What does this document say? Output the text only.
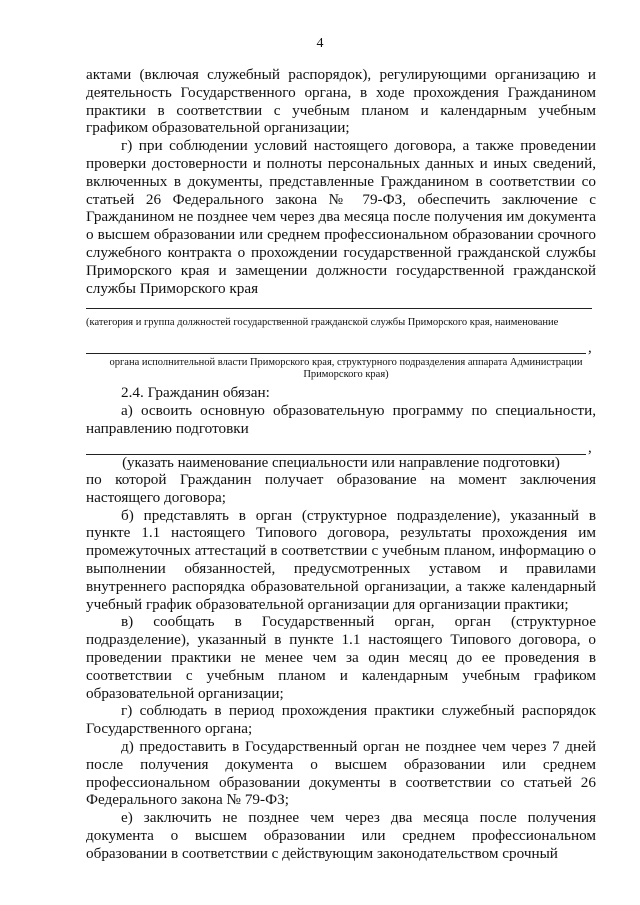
4

актами (включая служебный распорядок), регулирующими организацию и деятельность Государственного органа, в ходе прохождения Гражданином практики в соответствии с учебным планом и календарным учебным графиком образовательной организации;

г) при соблюдении условий настоящего договора, а также проведении проверки достоверности и полноты персональных данных и иных сведений, включенных в документы, представленные Гражданином в соответствии со статьей 26 Федерального закона № 79-ФЗ, обеспечить заключение с Гражданином не позднее чем через два месяца после получения им документа о высшем образовании или среднем профессиональном образовании срочного служебного контракта о прохождении государственной гражданской службы Приморского края и замещении должности государственной гражданской службы Приморского края

(категория и группа должностей государственной гражданской службы Приморского края, наименование
,
органа исполнительной власти Приморского края, структурного подразделения аппарата Администрации Приморского края)

2.4. Гражданин обязан:

а) освоить основную образовательную программу по специальности, направлению подготовки

,
(указать наименование специальности или направление подготовки)

по которой Гражданин получает образование на момент заключения настоящего договора;

б) представлять в орган (структурное подразделение), указанный в пункте 1.1 настоящего Типового договора, результаты прохождения им промежуточных аттестаций в соответствии с учебным планом, информацию о выполнении обязанностей, предусмотренных уставом и правилами внутреннего распорядка образовательной организации, а также календарный учебный график образовательной организации для организации практики;

в) сообщать в Государственный орган, орган (структурное подразделение), указанный в пункте 1.1 настоящего Типового договора, о проведении практики не менее чем за один месяц до ее проведения в соответствии с учебным планом и календарным учебным графиком образовательной организации;

г) соблюдать в период прохождения практики служебный распорядок Государственного органа;

д) предоставить в Государственный орган не позднее чем через 7 дней после получения документа о высшем образовании или среднем профессиональном образовании документы в соответствии со статьей 26 Федерального закона № 79-ФЗ;

е) заключить не позднее чем через два месяца после получения документа о высшем образовании или среднем профессиональном образовании в соответствии с действующим законодательством срочный
